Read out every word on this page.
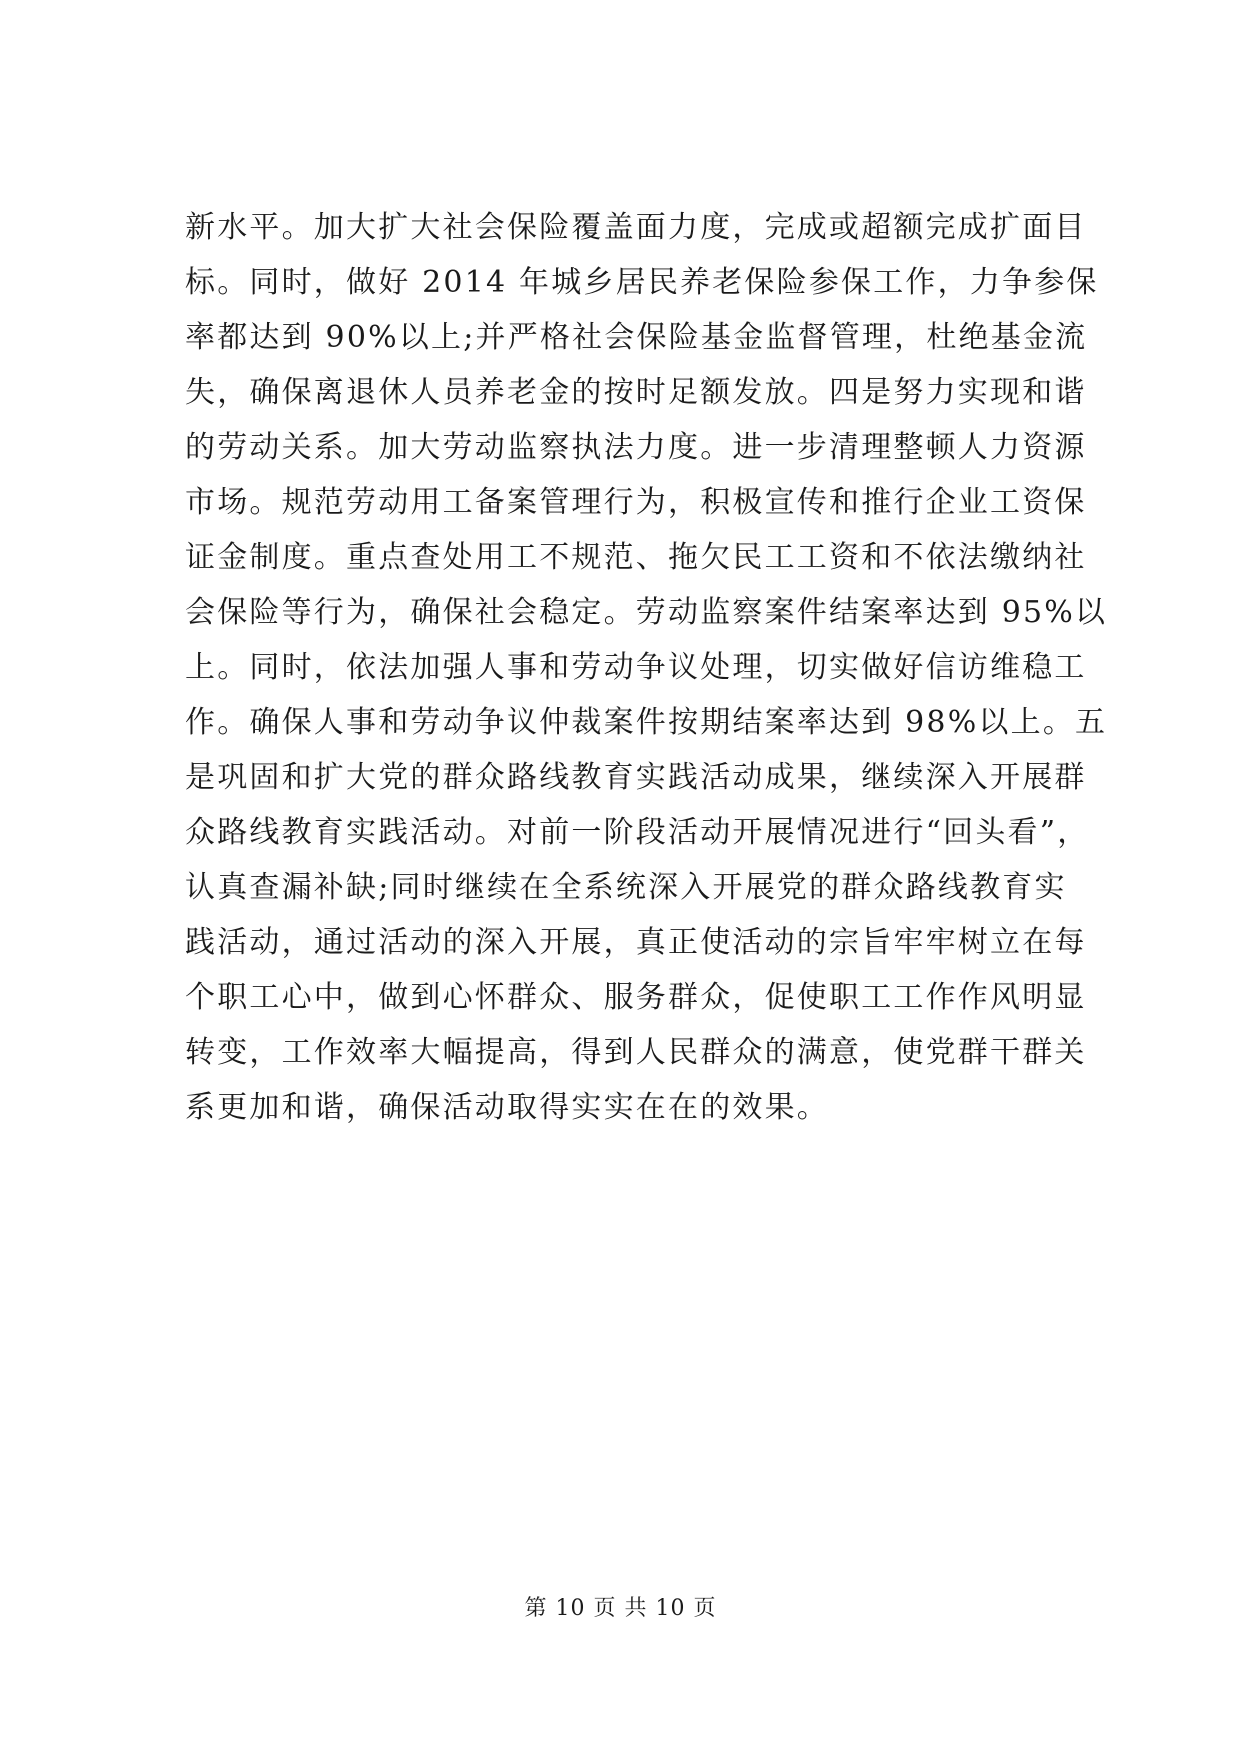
新水平。加大扩大社会保险覆盖面力度，完成或超额完成扩面目
标。同时，做好 2014 年城乡居民养老保险参保工作，力争参保
率都达到 90%以上;并严格社会保险基金监督管理，杜绝基金流
失，确保离退休人员养老金的按时足额发放。四是努力实现和谐
的劳动关系。加大劳动监察执法力度。进一步清理整顿人力资源
市场。规范劳动用工备案管理行为，积极宣传和推行企业工资保
证金制度。重点查处用工不规范、拖欠民工工资和不依法缴纳社
会保险等行为，确保社会稳定。劳动监察案件结案率达到 95%以
上。同时，依法加强人事和劳动争议处理，切实做好信访维稳工
作。确保人事和劳动争议仲裁案件按期结案率达到 98%以上。五
是巩固和扩大党的群众路线教育实践活动成果，继续深入开展群
众路线教育实践活动。对前一阶段活动开展情况进行“回头看”，
认真查漏补缺;同时继续在全系统深入开展党的群众路线教育实
践活动，通过活动的深入开展，真正使活动的宗旨牢牢树立在每
个职工心中，做到心怀群众、服务群众，促使职工工作作风明显
转变，工作效率大幅提高，得到人民群众的满意，使党群干群关
系更加和谐，确保活动取得实实在在的效果。
第 10 页 共 10 页
